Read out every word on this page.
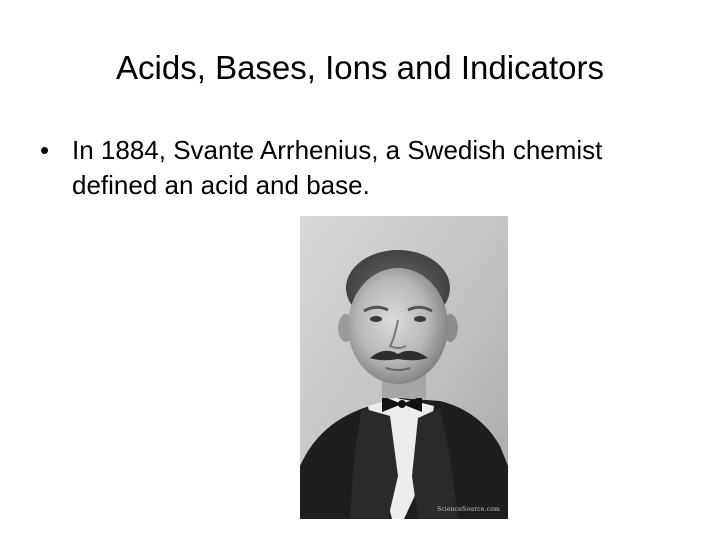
Acids, Bases, Ions and Indicators
• In 1884, Svante Arrhenius, a Swedish chemist defined an acid and base.
ScienceSource.com
